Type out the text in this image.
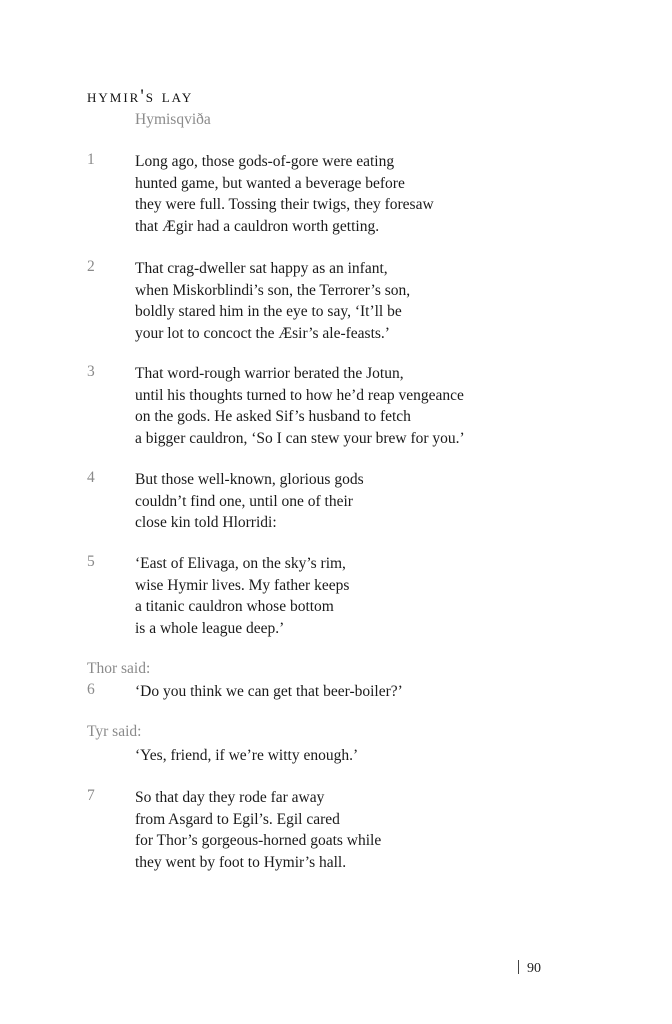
hymir's lay
Hymisqviða
1	Long ago, those gods-of-gore were eating
hunted game, but wanted a beverage before
they were full. Tossing their twigs, they foresaw
that Ægir had a cauldron worth getting.
2	That crag-dweller sat happy as an infant,
when Miskorblindi’s son, the Terrorer’s son,
boldly stared him in the eye to say, ‘It’ll be
your lot to concoct the Æsir’s ale-feasts.’
3	That word-rough warrior berated the Jotun,
until his thoughts turned to how he’d reap vengeance
on the gods. He asked Sif’s husband to fetch
a bigger cauldron, ‘So I can stew your brew for you.’
4	But those well-known, glorious gods
couldn’t find one, until one of their
close kin told Hlorridi:
5	‘East of Elivaga, on the sky’s rim,
wise Hymir lives. My father keeps
a titanic cauldron whose bottom
is a whole league deep.’
Thor said:
6	‘Do you think we can get that beer-boiler?’
Tyr said:
‘Yes, friend, if we’re witty enough.’
7	So that day they rode far away
from Asgard to Egil’s. Egil cared
for Thor’s gorgeous-horned goats while
they went by foot to Hymir’s hall.
90
